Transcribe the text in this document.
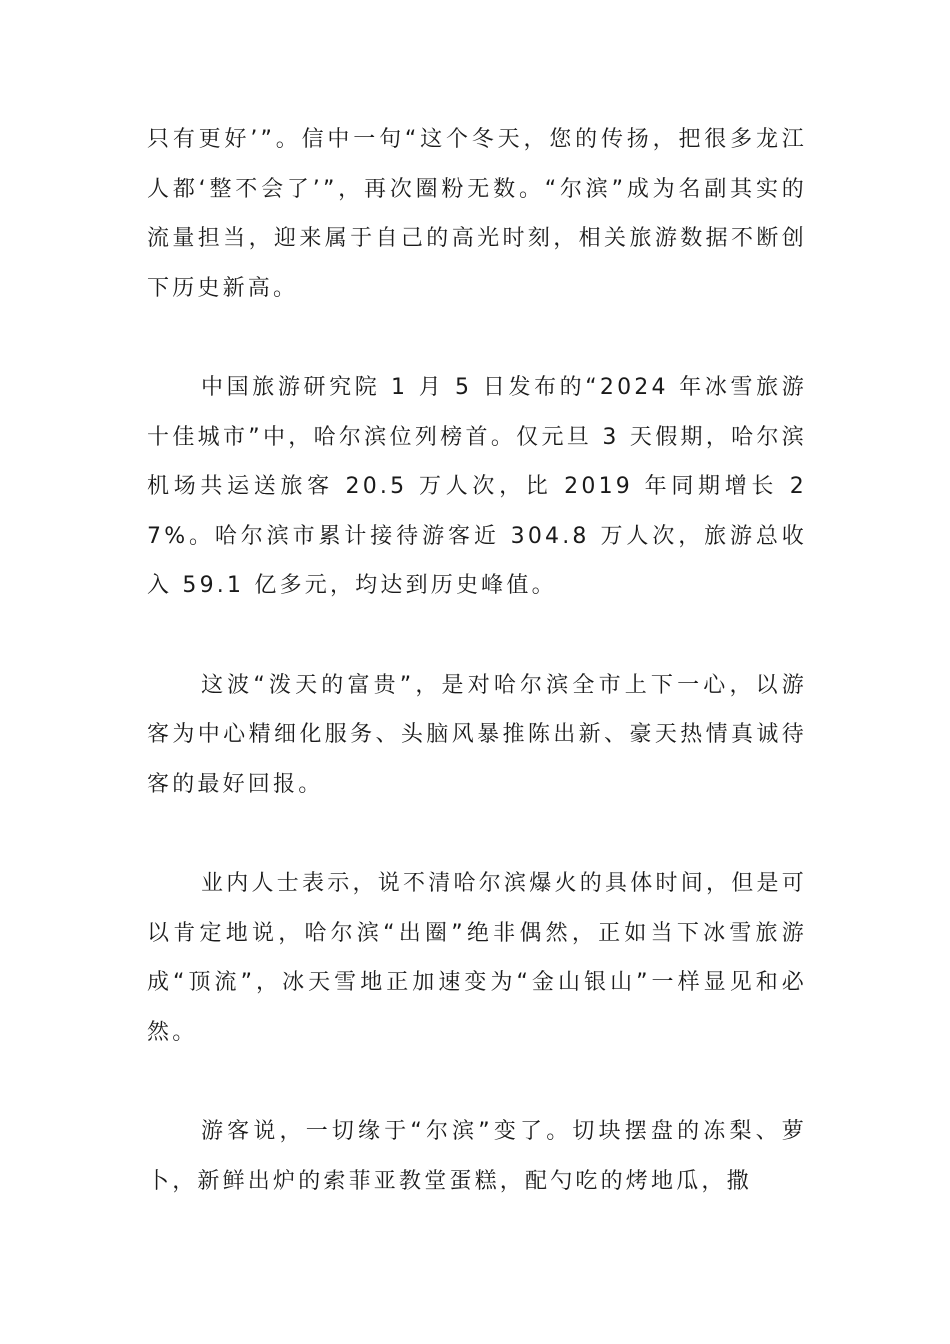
只有更好’”。信中一句“这个冬天，您的传扬，把很多龙江人都‘整不会了’”，再次圈粉无数。“尔滨”成为名副其实的流量担当，迎来属于自己的高光时刻，相关旅游数据不断创下历史新高。

中国旅游研究院 1 月 5 日发布的“2024 年冰雪旅游十佳城市”中，哈尔滨位列榜首。仅元旦 3 天假期，哈尔滨机场共运送旅客 20.5 万人次，比 2019 年同期增长 27%。哈尔滨市累计接待游客近 304.8 万人次，旅游总收入 59.1 亿多元，均达到历史峰值。

这波“泼天的富贵”，是对哈尔滨全市上下一心，以游客为中心精细化服务、头脑风暴推陈出新、豪天热情真诚待客的最好回报。

业内人士表示，说不清哈尔滨爆火的具体时间，但是可以肯定地说，哈尔滨“出圈”绝非偶然，正如当下冰雪旅游成“顶流”，冰天雪地正加速变为“金山银山”一样显见和必然。

游客说，一切缘于“尔滨”变了。切块摆盘的冻梨、萝卜，新鲜出炉的索菲亚教堂蛋糕，配勺吃的烤地瓜，撒
